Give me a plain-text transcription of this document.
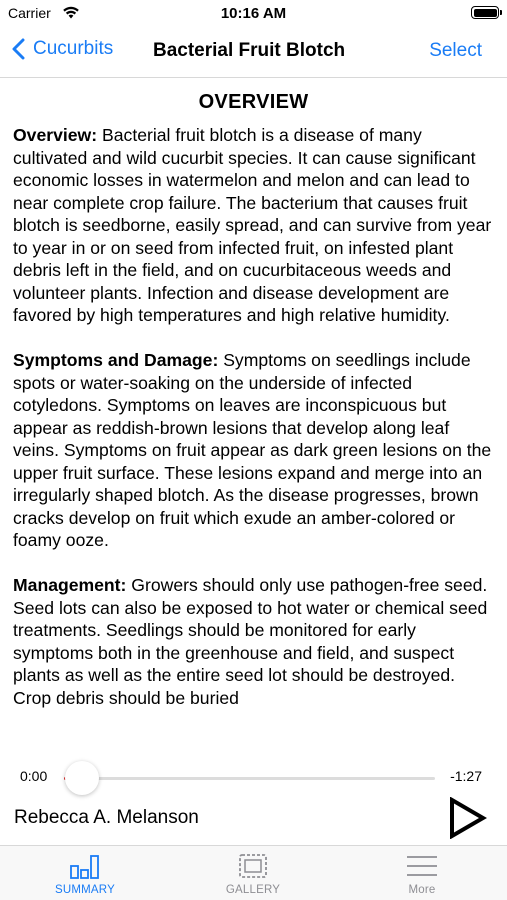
Carrier	10:16 AM
Cucurbits Bacterial Fruit Blotch	Select
OVERVIEW

Overview: Bacterial fruit blotch is a disease of many cultivated and wild cucurbit species. It can cause significant economic losses in watermelon and melon and can lead to near complete crop failure. The bacterium that causes fruit blotch is seedborne, easily spread, and can survive from year to year in or on seed from infected fruit, on infested plant debris left in the field, and on cucurbitaceous weeds and volunteer plants. Infection and disease development are favored by high temperatures and high relative humidity.

Symptoms and Damage: Symptoms on seedlings include spots or water-soaking on the underside of infected cotyledons. Symptoms on leaves are inconspicuous but appear as reddish-brown lesions that develop along leaf veins. Symptoms on fruit appear as dark green lesions on the upper fruit surface. These lesions expand and merge into an irregularly shaped blotch. As the disease progresses, brown cracks develop on fruit which exude an amber-colored or foamy ooze.

Management: Growers should only use pathogen-free seed. Seed lots can also be exposed to hot water or chemical seed treatments. Seedlings should be monitored for early symptoms both in the greenhouse and field, and suspect plants as well as the entire seed lot should be destroyed. Crop debris should be buried

0:00	-1:27
Rebecca A. Melanson
SUMMARY	GALLERY	More
